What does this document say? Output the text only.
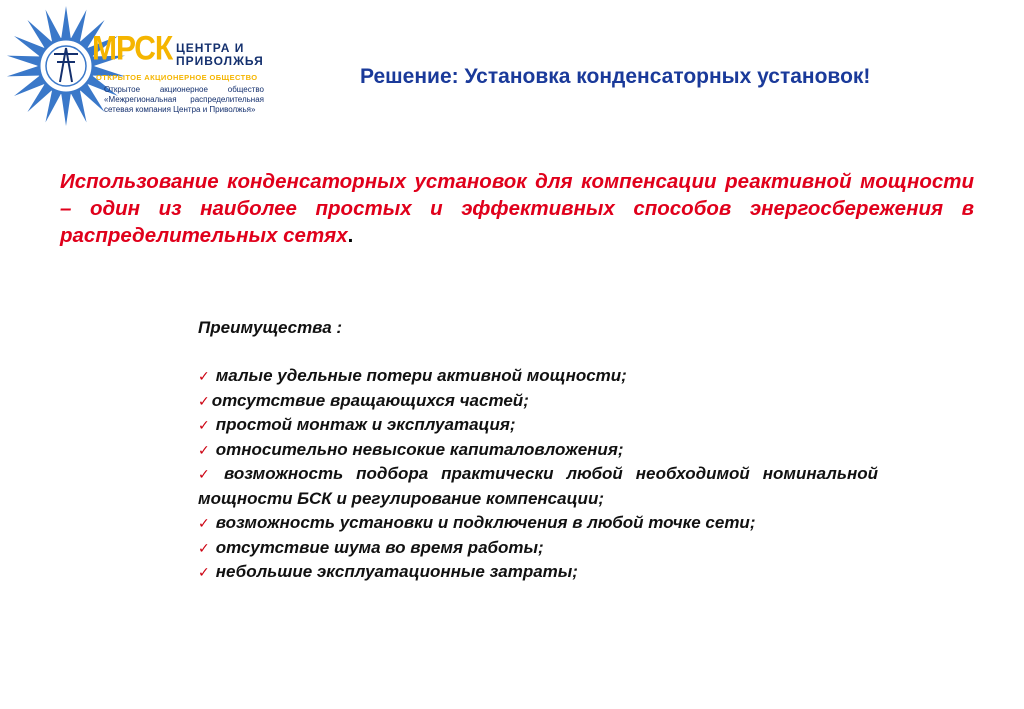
МРСК ЦЕНТРА И
ПРИВОЛЖЬЯ
ОТКРЫТОЕ АКЦИОНЕРНОЕ ОБЩЕСТВО
Открытое акционерное общество «Межрегиональная распределительная сетевая компания Центра и Приволжья»
Решение: Установка конденсаторных установок!
Использование конденсаторных установок для компенсации реактивной мощности – один из наиболее простых и эффективных способов энергосбережения в распределительных сетях.
Преимущества :
✓ малые удельные потери активной мощности;
✓ отсутствие вращающихся частей;
✓ простой монтаж и эксплуатация;
✓ относительно невысокие капиталовложения;
✓ возможность подбора практически любой необходимой номинальной мощности БСК и регулирование компенсации;
✓ возможность установки и подключения в любой точке сети;
✓ отсутствие шума во время работы;
✓ небольшие эксплуатационные затраты;
